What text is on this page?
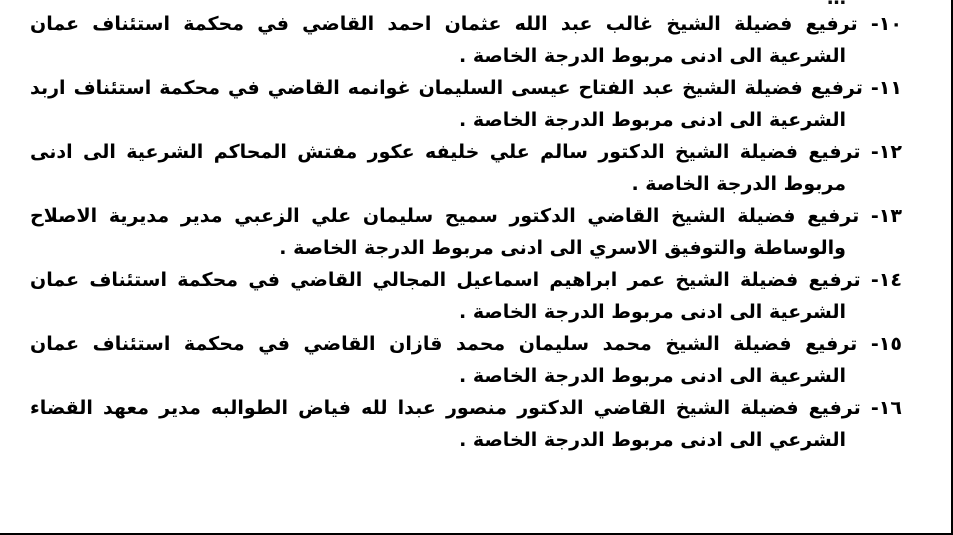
١٠- ترفيع فضيلة الشيخ غالب عبد الله عثمان احمد القاضي في محكمة استئناف عمان
الشرعية الى ادنى مربوط الدرجة الخاصة .
١١- ترفيع فضيلة الشيخ عبد الفتاح عيسى السليمان غوانمه القاضي في محكمة استئناف اربد
الشرعية الى ادنى مربوط الدرجة الخاصة .
١٢- ترفيع فضيلة الشيخ الدكتور سالم علي خليفه عكور مفتش المحاكم الشرعية الى ادنى
مربوط الدرجة الخاصة .
١٣- ترفيع فضيلة الشيخ القاضي الدكتور سميح سليمان علي الزعبي مدير مديرية الاصلاح
والوساطة والتوفيق الاسري الى ادنى مربوط الدرجة الخاصة .
١٤- ترفيع فضيلة الشيخ عمر ابراهيم اسماعيل المجالي القاضي في محكمة استئناف عمان
الشرعية الى ادنى مربوط الدرجة الخاصة .
١٥- ترفيع فضيلة الشيخ محمد سليمان محمد قازان القاضي في محكمة استئناف عمان
الشرعية الى ادنى مربوط الدرجة الخاصة .
١٦- ترفيع فضيلة الشيخ القاضي الدكتور منصور عبدا لله فياض الطوالبه مدير معهد القضاء
الشرعي الى ادنى مربوط الدرجة الخاصة .
